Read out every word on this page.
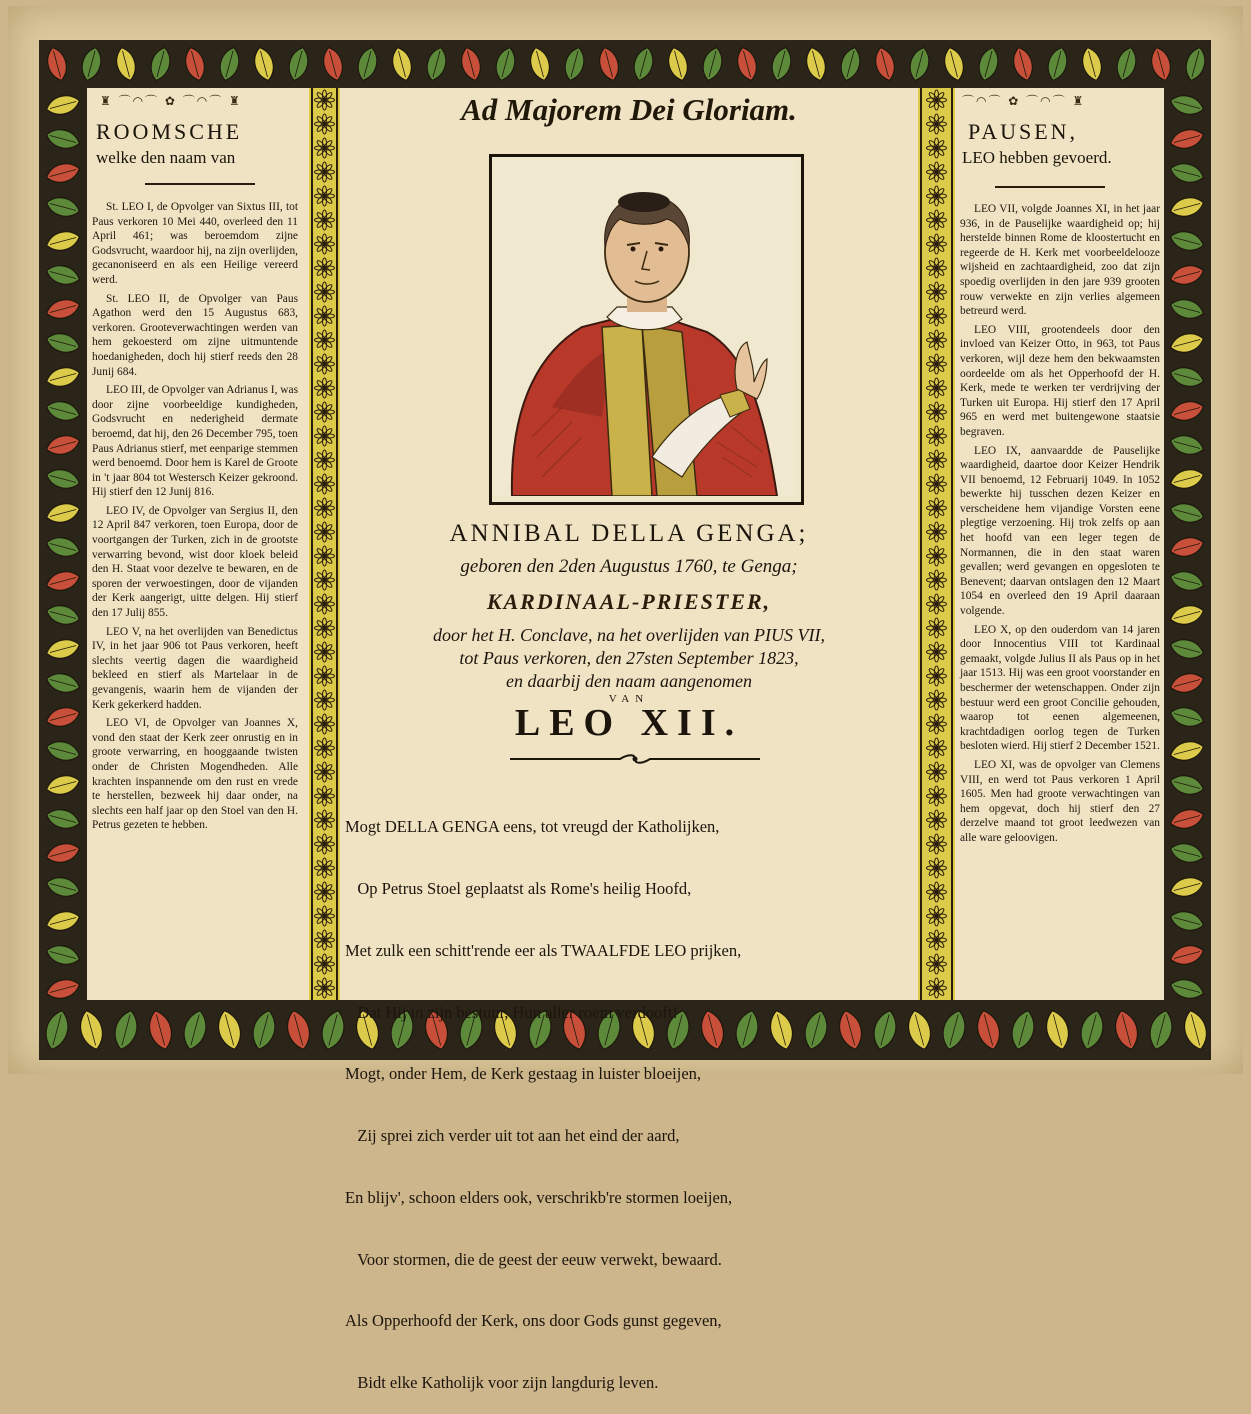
♜ ⌒◠⌒ ✿ ⌒◠⌒ ♜
ROOMSCHE
welke den naam van

St. LEO I, de Opvolger van Sixtus III, tot Paus verkoren 10 Mei 440, overleed den 11 April 461; was beroemdom zijne Godsvrucht, waardoor hij, na zijn overlijden, gecanoniseerd en als een Heilige vereerd werd.

St. LEO II, de Opvolger van Paus Agathon werd den 15 Augustus 683, verkoren. Grooteverwachtingen werden van hem gekoesterd om zijne uitmuntende hoedanigheden, doch hij stierf reeds den 28 Junij 684.

LEO III, de Opvolger van Adrianus I, was door zijne voorbeeldige kundigheden, Godsvrucht en nederigheid dermate beroemd, dat hij, den 26 December 795, toen Paus Adrianus stierf, met eenparige stemmen werd benoemd. Door hem is Karel de Groote in 't jaar 804 tot Westersch Keizer gekroond. Hij stierf den 12 Junij 816.

LEO IV, de Opvolger van Sergius II, den 12 April 847 verkoren, toen Europa, door de voortgangen der Turken, zich in de grootste verwarring bevond, wist door kloek beleid den H. Staat voor dezelve te bewaren, en de sporen der verwoestingen, door de vijanden der Kerk aangerigt, uitte delgen. Hij stierf den 17 Julij 855.

LEO V, na het overlijden van Benedictus IV, in het jaar 906 tot Paus verkoren, heeft slechts veertig dagen die waardigheid bekleed en stierf als Martelaar in de gevangenis, waarin hem de vijanden der Kerk gekerkerd hadden.

LEO VI, de Opvolger van Joannes X, vond den staat der Kerk zeer onrustig en in groote verwarring, en hooggaande twisten onder de Christen Mogendheden. Alle krachten inspannende om den rust en vrede te herstellen, bezweek hij daar onder, na slechts een half jaar op den Stoel van den H. Petrus gezeten te hebben.

⌒◠⌒ ✿ ⌒◠⌒ ♜
PAUSEN,
LEO hebben gevoerd.

LEO VII, volgde Joannes XI, in het jaar 936, in de Pauselijke waardigheid op; hij herstelde binnen Rome de kloostertucht en regeerde de H. Kerk met voorbeeldelooze wijsheid en zachtaardigheid, zoo dat zijn spoedig overlijden in den jare 939 grooten rouw verwekte en zijn verlies algemeen betreurd werd.

LEO VIII, grootendeels door den invloed van Keizer Otto, in 963, tot Paus verkoren, wijl deze hem den bekwaamsten oordeelde om als het Opperhoofd der H. Kerk, mede te werken ter verdrijving der Turken uit Europa. Hij stierf den 17 April 965 en werd met buitengewone staatsie begraven.

LEO IX, aanvaardde de Pauselijke waardigheid, daartoe door Keizer Hendrik VII benoemd, 12 Februarij 1049. In 1052 bewerkte hij tusschen dezen Keizer en verscheidene hem vijandige Vorsten eene plegtige verzoening. Hij trok zelfs op aan het hoofd van een leger tegen de Normannen, die in den staat waren gevallen; werd gevangen en opgesloten te Benevent; daarvan ontslagen den 12 Maart 1054 en overleed den 19 April daaraan volgende.

LEO X, op den ouderdom van 14 jaren door Innocentius VIII tot Kardinaal gemaakt, volgde Julius II als Paus op in het jaar 1513. Hij was een groot voorstander en beschermer der wetenschappen. Onder zijn bestuur werd een groot Concilie gehouden, waarop tot eenen algemeenen, krachtdadigen oorlog tegen de Turken besloten wierd. Hij stierf 2 December 1521.

LEO XI, was de opvolger van Clemens VIII, en werd tot Paus verkoren 1 April 1605. Men had groote verwachtingen van hem opgevat, doch hij stierf den 27 derzelve maand tot groot leedwezen van alle ware geloovigen.

Ad Majorem Dei Gloriam.
ANNIBAL DELLA GENGA;
geboren den 2den Augustus 1760, te Genga;
KARDINAAL-PRIESTER,
door het H. Conclave, na het overlijden van PIUS VII,
tot Paus verkoren, den 27sten September 1823,
en daarbij den naam aangenomen
VAN
LEO XII.

Mogt DELLA GENGA eens, tot vreugd der Katholijken,

Op Petrus Stoel geplaatst als Rome's heilig Hoofd,

Met zulk een schitt'rende eer als TWAALFDE LEO prijken,

Dat Hij in zijn bestuur, Hun aller roem verdooft!

Mogt, onder Hem, de Kerk gestaag in luister bloeijen,

Zij sprei zich verder uit tot aan het eind der aard,

En blijv', schoon elders ook, verschrikb're stormen loeijen,

Voor stormen, die de geest der eeuw verwekt, bewaard.

Als Opperhoofd der Kerk, ons door Gods gunst gegeven,

Bidt elke Katholijk voor zijn langdurig leven.
